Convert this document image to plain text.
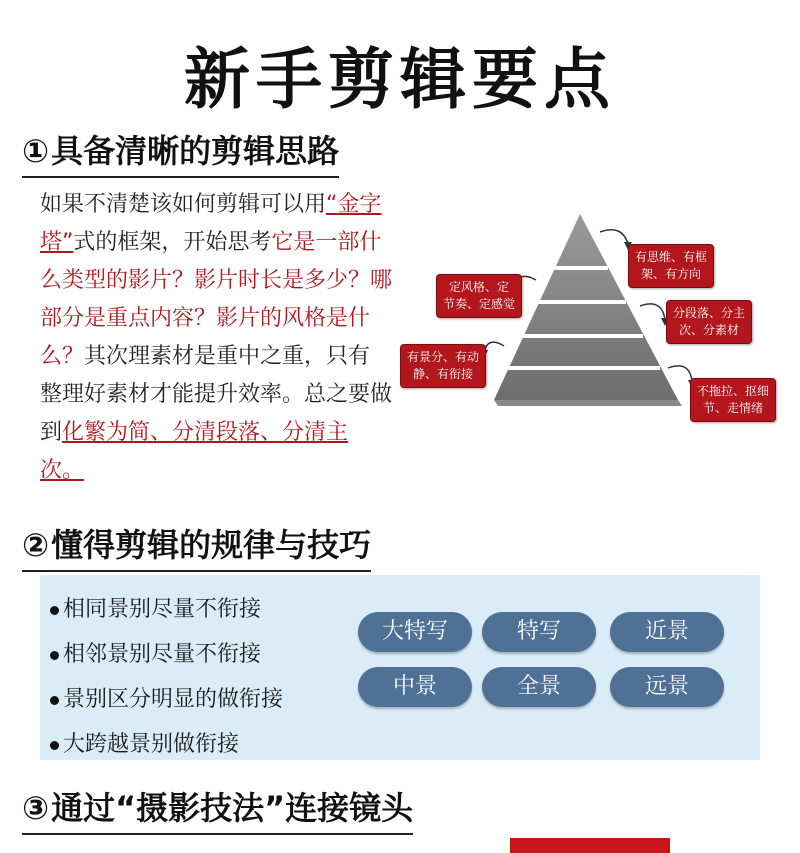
新手剪辑要点
①具备清晰的剪辑思路
如果不清楚该如何剪辑可以用“金字塔”式的框架，开始思考它是一部什么类型的影片？影片时长是多少？哪部分是重点内容？影片的风格是什么？其次理素材是重中之重，只有整理好素材才能提升效率。总之要做到化繁为简、分清段落、分清主次。
有思维、有框
架、有方向
定风格、定
节奏、定感觉
分段落、分主
次、分素材
有景分、有动
静、有衔接
不拖拉、抠细
节、走情绪
②懂得剪辑的规律与技巧
相同景别尽量不衔接
相邻景别尽量不衔接
景别区分明显的做衔接
大跨越景别做衔接
大特写	特写	近景
中景	全景	远景
③通过“摄影技法”连接镜头
